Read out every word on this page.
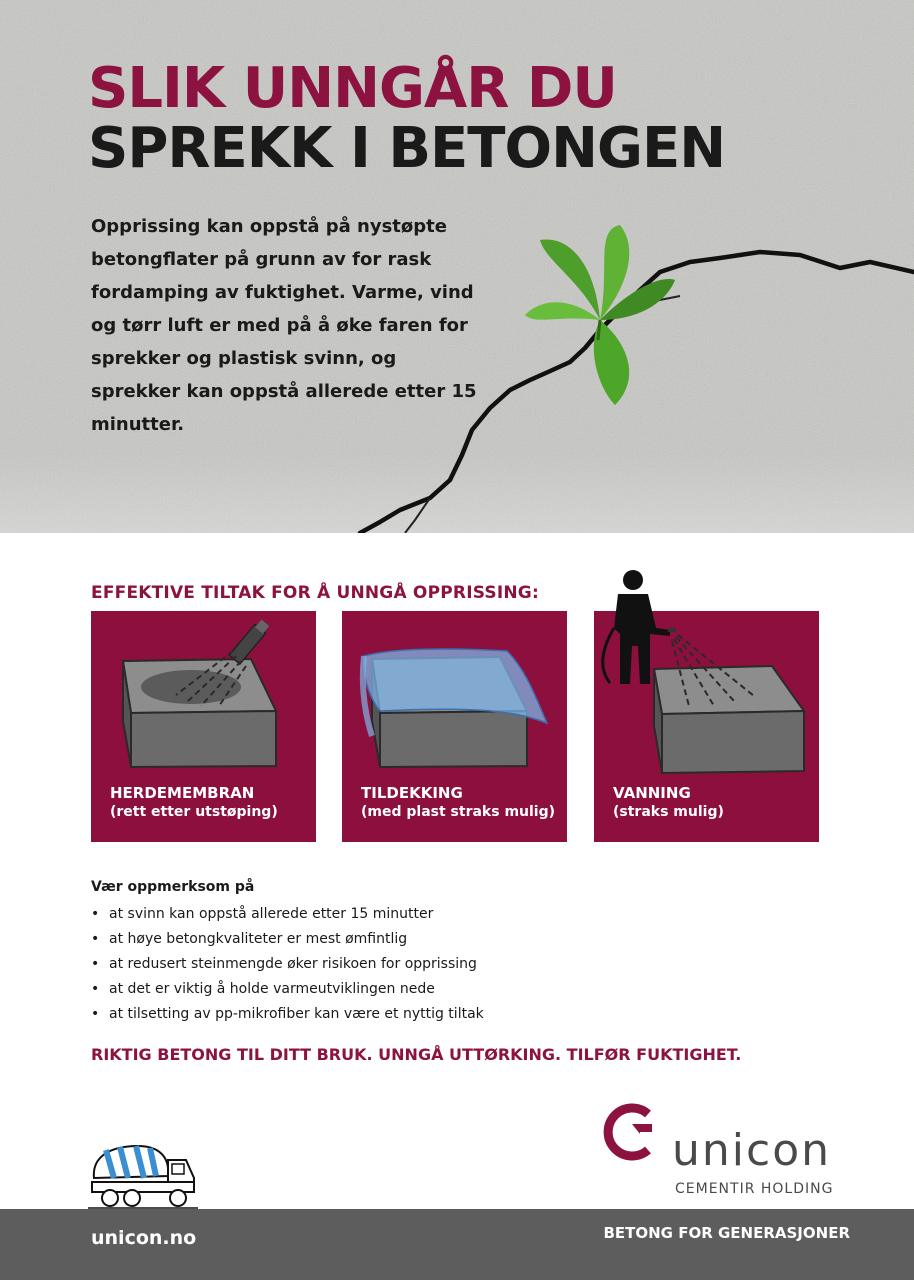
SLIK UNNGÅR DU
SPREKK I BETONGEN

Opprissing kan oppstå på nystøpte betongflater på grunn av for rask fordamping av fuktighet. Varme, vind og tørr luft er med på å øke faren for sprekker og plastisk svinn, og sprekker kan oppstå allerede etter 15 minutter.

EFFEKTIVE TILTAK FOR Å UNNGÅ OPPRISSING:
HERDEMEMBRAN
(rett etter utstøping)
TILDEKKING
(med plast straks mulig)
VANNING
(straks mulig)
Vær oppmerksom på
• at svinn kan oppstå allerede etter 15 minutter
• at høye betongkvaliteter er mest ømfintlig
• at redusert steinmengde øker risikoen for opprissing
• at det er viktig å holde varmeutviklingen nede
• at tilsetting av pp-mikrofiber kan være et nyttig tiltak

RIKTIG BETONG TIL DITT BRUK. UNNGÅ UTTØRKING. TILFØR FUKTIGHET.

unicon
CEMENTIR HOLDING
unicon.no	BETONG FOR GENERASJONER
